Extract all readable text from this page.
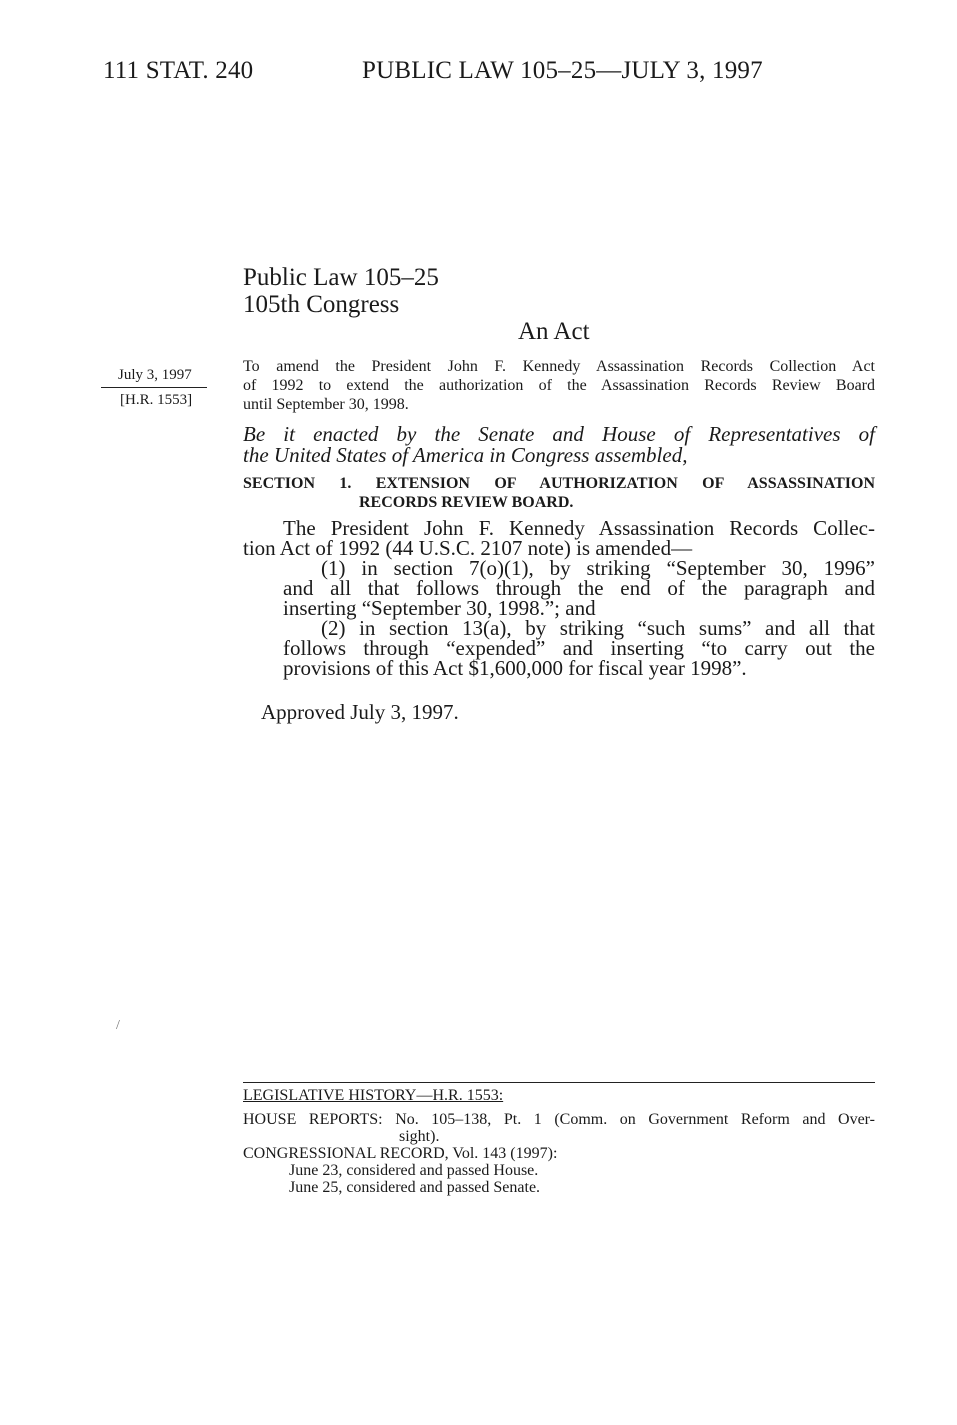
111 STAT. 240	PUBLIC LAW 105–25—JULY 3, 1997
Public Law 105–25
105th Congress
An Act
July 3, 1997
[H.R. 1553]
To amend the President John F. Kennedy Assassination Records Collection Act
of 1992 to extend the authorization of the Assassination Records Review Board
until September 30, 1998.
Be it enacted by the Senate and House of Representatives of
the United States of America in Congress assembled,
SECTION 1. EXTENSION OF AUTHORIZATION OF ASSASSINATION
RECORDS REVIEW BOARD.
The President John F. Kennedy Assassination Records Collec-
tion Act of 1992 (44 U.S.C. 2107 note) is amended—
(1) in section 7(o)(1), by striking “September 30, 1996”
and all that follows through the end of the paragraph and
inserting “September 30, 1998.”; and
(2) in section 13(a), by striking “such sums” and all that
follows through “expended” and inserting “to carry out the
provisions of this Act $1,600,000 for fiscal year 1998”.
Approved July 3, 1997.
/
LEGISLATIVE HISTORY—H.R. 1553:
HOUSE REPORTS: No. 105–138, Pt. 1 (Comm. on Government Reform and Over-
sight).
CONGRESSIONAL RECORD, Vol. 143 (1997):
June 23, considered and passed House.
June 25, considered and passed Senate.
